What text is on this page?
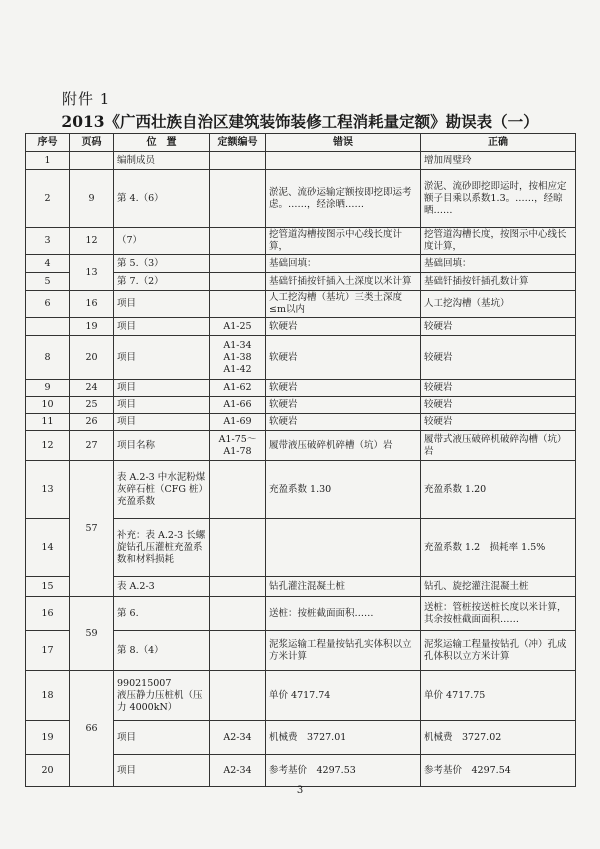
附件 1
2013《广西壮族自治区建筑装饰装修工程消耗量定额》勘误表（一）
序号	页码	位　置	定额编号	错误	正确
1		编制成员			增加周璧玲
2	9	第 4.（6）		淤泥、流砂运输定额按即挖即运考虑。……，经涂晒……	淤泥、流砂即挖即运时，按相应定额子目乘以系数1.3。……，经晾晒……
3	12	（7）		挖管道沟槽按图示中心线长度计算，	挖管道沟槽长度，按图示中心线长度计算，
4	13	第 5.（3）		基础回填：	基础回填：
5		第 7.（2）		基础钎插按钎插入土深度以米计算	基础钎插按钎插孔数计算
6	16	项目		人工挖沟槽（基坑）三类土深度≤m以内	人工挖沟槽（基坑）
	19	项目	A1-25	软硬岩	较硬岩
8	20	项目	A1-34
A1-38
A1-42	软硬岩	较硬岩
9	24	项目	A1-62	软硬岩	较硬岩
10	25	项目	A1-66	软硬岩	较硬岩
11	26	项目	A1-69	软硬岩	较硬岩
12	27	项目名称	A1-75～
A1-78	履带液压破碎机碎槽（坑）岩	履带式液压破碎机破碎沟槽（坑）岩
13	57	表 A.2-3 中水泥粉煤灰碎石桩（CFG 桩）充盈系数		充盈系数 1.30	充盈系数 1.20
14		补充：表 A.2-3 长螺旋钻孔压灌桩充盈系数和材料损耗			充盈系数 1.2　损耗率 1.5%
15		表 A.2-3		钻孔灌注混凝土桩	钻孔、旋挖灌注混凝土桩
16	59	第 6.		送桩：按桩截面面积……	送桩：管桩按送桩长度以米计算，其余按桩截面面积……
17		第 8.（4）		泥浆运输工程量按钻孔实体积以立方米计算	泥浆运输工程量按钻孔（冲）孔成孔体积以立方米计算
18	66	990215007
液压静力压桩机（压力 4000kN）		单价 4717.74	单价 4717.75
19		项目	A2-34	机械费　3727.01	机械费　3727.02
20		项目	A2-34	参考基价　4297.53	参考基价　4297.54
3
